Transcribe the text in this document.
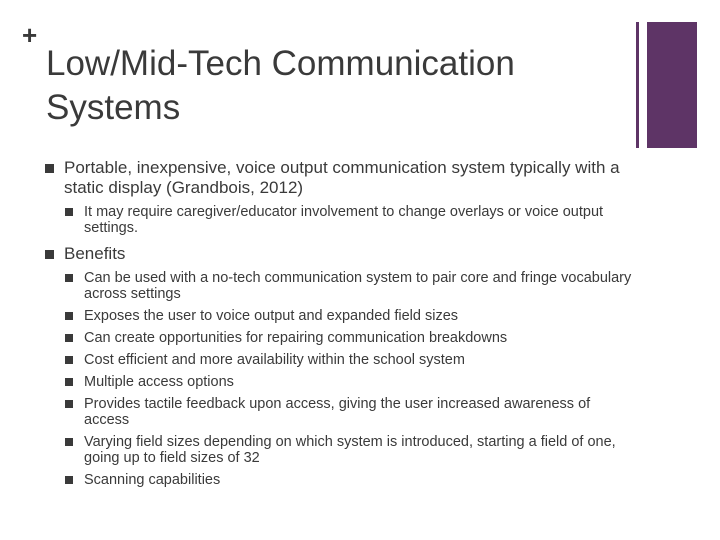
+
Low/Mid-Tech Communication Systems
Portable, inexpensive, voice output communication system typically with a static display (Grandbois, 2012)
It may require caregiver/educator involvement to change overlays or voice output settings.
Benefits
Can be used with a no-tech communication system to pair core and fringe vocabulary across settings
Exposes the user to voice output and expanded field sizes
Can create opportunities for repairing communication breakdowns
Cost efficient and more availability within the school system
Multiple access options
Provides tactile feedback upon access, giving the user increased awareness of access
Varying field sizes depending on which system is introduced, starting a field of one, going up to field sizes of 32
Scanning capabilities
